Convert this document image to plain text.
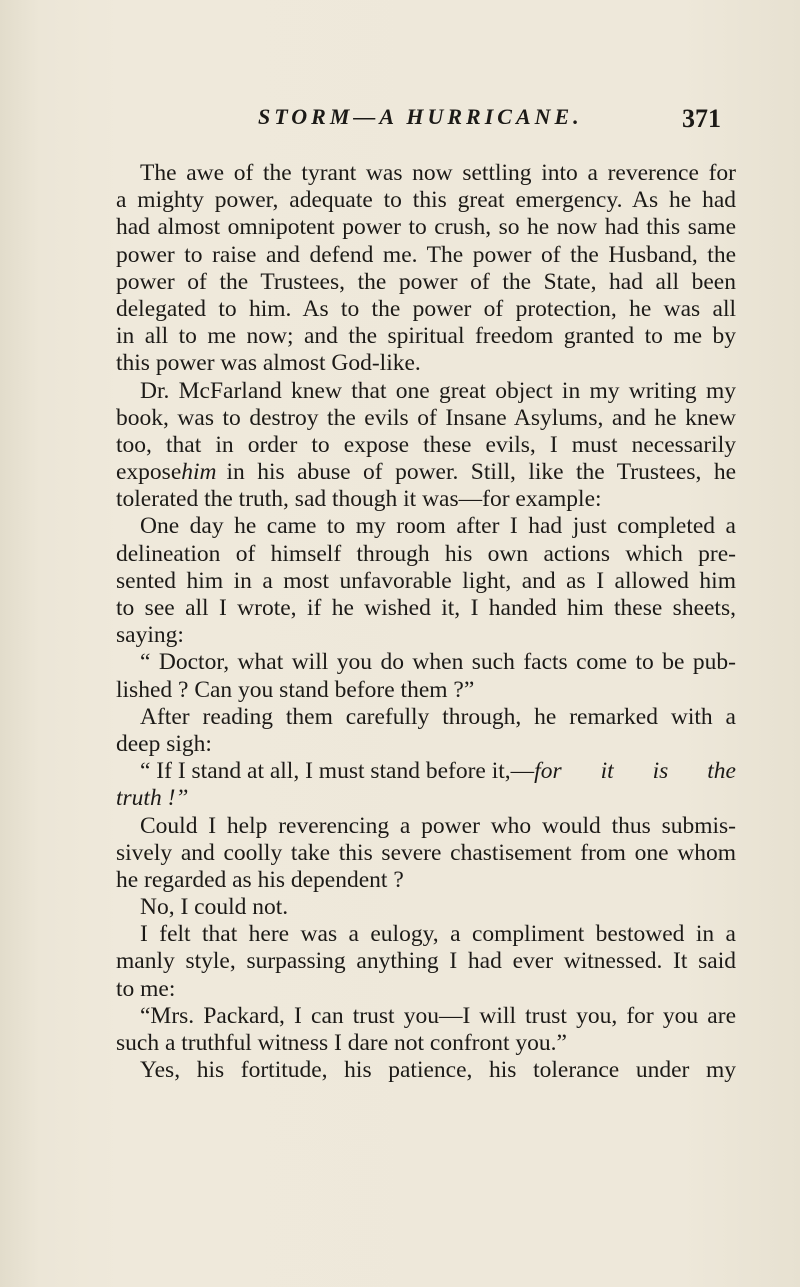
STORM—A HURRICANE.	371
The awe of the tyrant was now settling into a reverence for
a mighty power, adequate to this great emergency. As he had
had almost omnipotent power to crush, so he now had this same
power to raise and defend me. The power of the Husband, the
power of the Trustees, the power of the State, had all been
delegated to him. As to the power of protection, he was all
in all to me now; and the spiritual freedom granted to me by
this power was almost God-like.
Dr. McFarland knew that one great object in my writing my
book, was to destroy the evils of Insane Asylums, and he knew
too, that in order to expose these evils, I must necessarily
expose him in his abuse of power. Still, like the Trustees, he
tolerated the truth, sad though it was—for example:
One day he came to my room after I had just completed a
delineation of himself through his own actions which pre-
sented him in a most unfavorable light, and as I allowed him
to see all I wrote, if he wished it, I handed him these sheets,
saying:
“ Doctor, what will you do when such facts come to be pub-
lished ? Can you stand before them ?”
After reading them carefully through, he remarked with a
deep sigh:
“ If I stand at all, I must stand before it,— for it is the
truth !”
Could I help reverencing a power who would thus submis-
sively and coolly take this severe chastisement from one whom
he regarded as his dependent ?
No, I could not.
I felt that here was a eulogy, a compliment bestowed in a
manly style, surpassing anything I had ever witnessed. It said
to me:
“Mrs. Packard, I can trust you—I will trust you, for you are
such a truthful witness I dare not confront you.”
Yes, his fortitude, his patience, his tolerance under my
